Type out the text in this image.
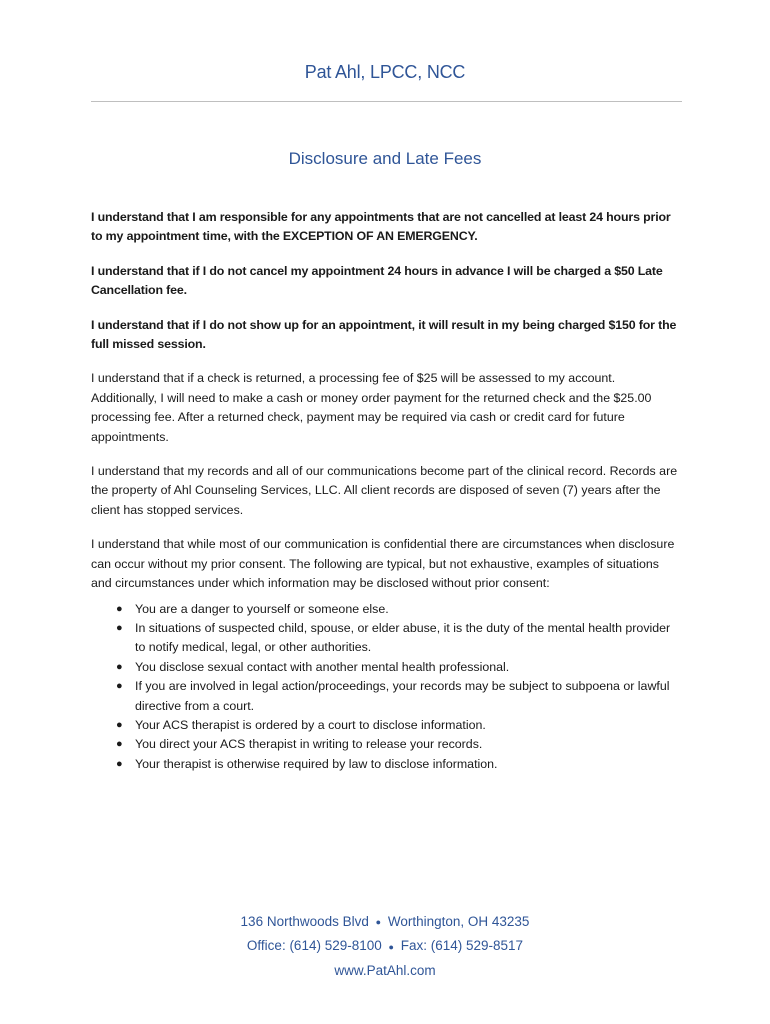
Pat Ahl, LPCC, NCC
Disclosure and Late Fees

I understand that I am responsible for any appointments that are not cancelled at least 24 hours prior to my appointment time, with the EXCEPTION OF AN EMERGENCY.

I understand that if I do not cancel my appointment 24 hours in advance I will be charged a $50 Late Cancellation fee.

I understand that if I do not show up for an appointment, it will result in my being charged $150 for the full missed session.

I understand that if a check is returned, a processing fee of $25 will be assessed to my account. Additionally, I will need to make a cash or money order payment for the returned check and the $25.00 processing fee. After a returned check, payment may be required via cash or credit card for future appointments.

I understand that my records and all of our communications become part of the clinical record. Records are the property of Ahl Counseling Services, LLC. All client records are disposed of seven (7) years after the client has stopped services.

I understand that while most of our communication is confidential there are circumstances when disclosure can occur without my prior consent. The following are typical, but not exhaustive, examples of situations and circumstances under which information may be disclosed without prior consent:

● You are a danger to yourself or someone else.
● In situations of suspected child, spouse, or elder abuse, it is the duty of the mental health provider to notify medical, legal, or other authorities.
● You disclose sexual contact with another mental health professional.
● If you are involved in legal action/proceedings, your records may be subject to subpoena or lawful directive from a court.
● Your ACS therapist is ordered by a court to disclose information.
● You direct your ACS therapist in writing to release your records.
● Your therapist is otherwise required by law to disclose information.
136 Northwoods Blvd ● Worthington, OH 43235
Office: (614) 529-8100 ● Fax: (614) 529-8517
www.PatAhl.com
